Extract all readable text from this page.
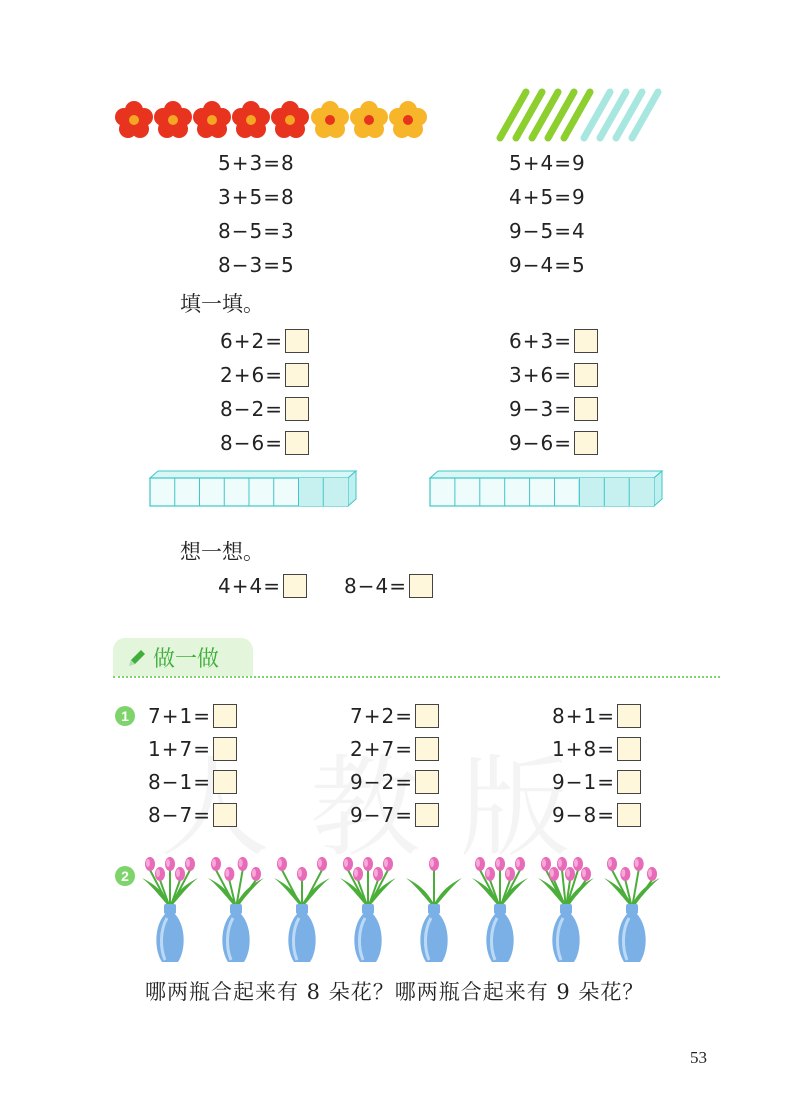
5+3=8
3+5=8
8−5=3
8−3=5
5+4=9
4+5=9
9−5=4
9−4=5
填一填。
6+2=
2+6=
8−2=
8−6=
6+3=
3+6=
9−3=
9−6=
想一想。
4+4=	8−4=
做一做
1 7+1=
1+7=
8−1=
8−7=
7+2=
2+7=
9−2=
9−7=
8+1=
1+8=
9−1=
9−8=
2
哪两瓶合起来有 8 朵花？哪两瓶合起来有 9 朵花？
53
